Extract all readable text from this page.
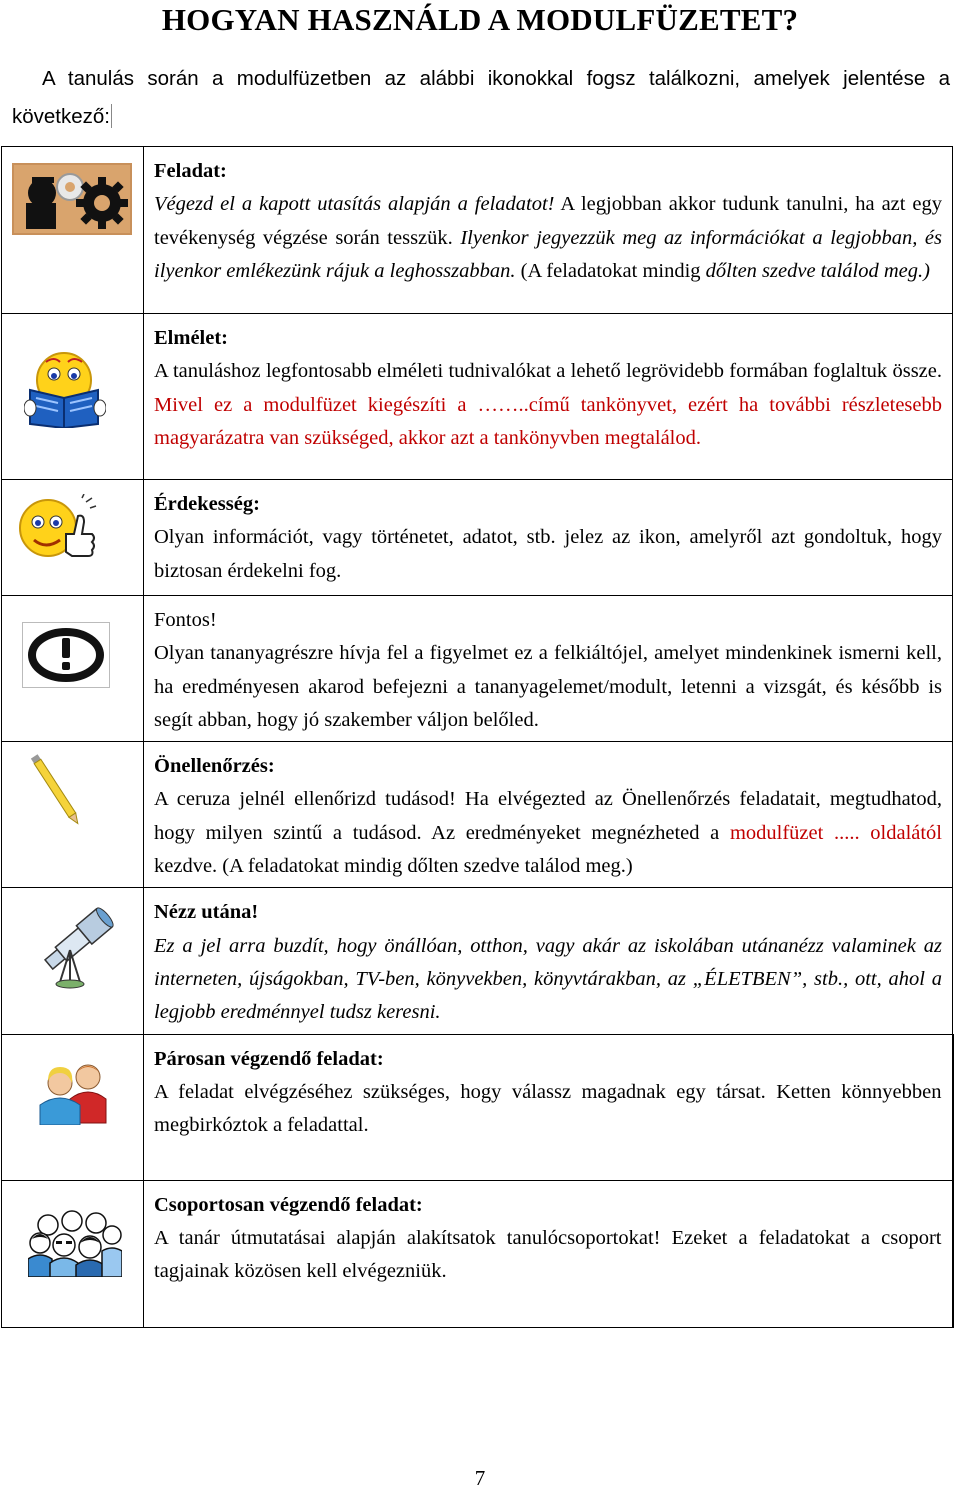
HOGYAN HASZNÁLD A MODULFÜZETET?
A tanulás során a modulfüzetben az alábbi ikonokkal fogsz találkozni, amelyek jelentése a következő:

Feladat:
Végezd el a kapott utasítás alapján a feladatot! A legjobban akkor tudunk tanulni, ha azt egy tevékenység végzése során tesszük. Ilyenkor jegyezzük meg az információkat a legjobban, és ilyenkor emlékezünk rájuk a leghosszabban. (A feladatokat mindig dőlten szedve találod meg.)

Elmélet:
A tanuláshoz legfontosabb elméleti tudnivalókat a lehető legrövidebb formában foglaltuk össze. Mivel ez a modulfüzet kiegészíti a ……..című tankönyvet, ezért ha további részletesebb magyarázatra van szükséged, akkor azt a tankönyvben megtalálod.

Érdekesség:
Olyan információt, vagy történetet, adatot, stb. jelez az ikon, amelyről azt gondoltuk, hogy biztosan érdekelni fog.

Fontos!
Olyan tananyagrészre hívja fel a figyelmet ez a felkiáltójel, amelyet mindenkinek ismerni kell, ha eredményesen akarod befejezni a tananyagelemet/modult, letenni a vizsgát, és később is segít abban, hogy jó szakember váljon belőled.

Önellenőrzés:
A ceruza jelnél ellenőrizd tudásod! Ha elvégezted az Önellenőrzés feladatait, megtudhatod, hogy milyen szintű a tudásod. Az eredményeket megnézheted a modulfüzet ..... oldalától kezdve. (A feladatokat mindig dőlten szedve találod meg.)

Nézz utána!
Ez a jel arra buzdít, hogy önállóan, otthon, vagy akár az iskolában utánanézz valaminek az interneten, újságokban, TV-ben, könyvekben, könyvtárakban, az „ÉLETBEN”, stb., ott, ahol a legjobb eredménnyel tudsz keresni.

Párosan végzendő feladat:
A feladat elvégzéséhez szükséges, hogy válassz magadnak egy társat. Ketten könnyebben megbirkóztok a feladattal.

Csoportosan végzendő feladat:
A tanár útmutatásai alapján alakítsatok tanulócsoportokat! Ezeket a feladatokat a csoport tagjainak közösen kell elvégezniük.
7
